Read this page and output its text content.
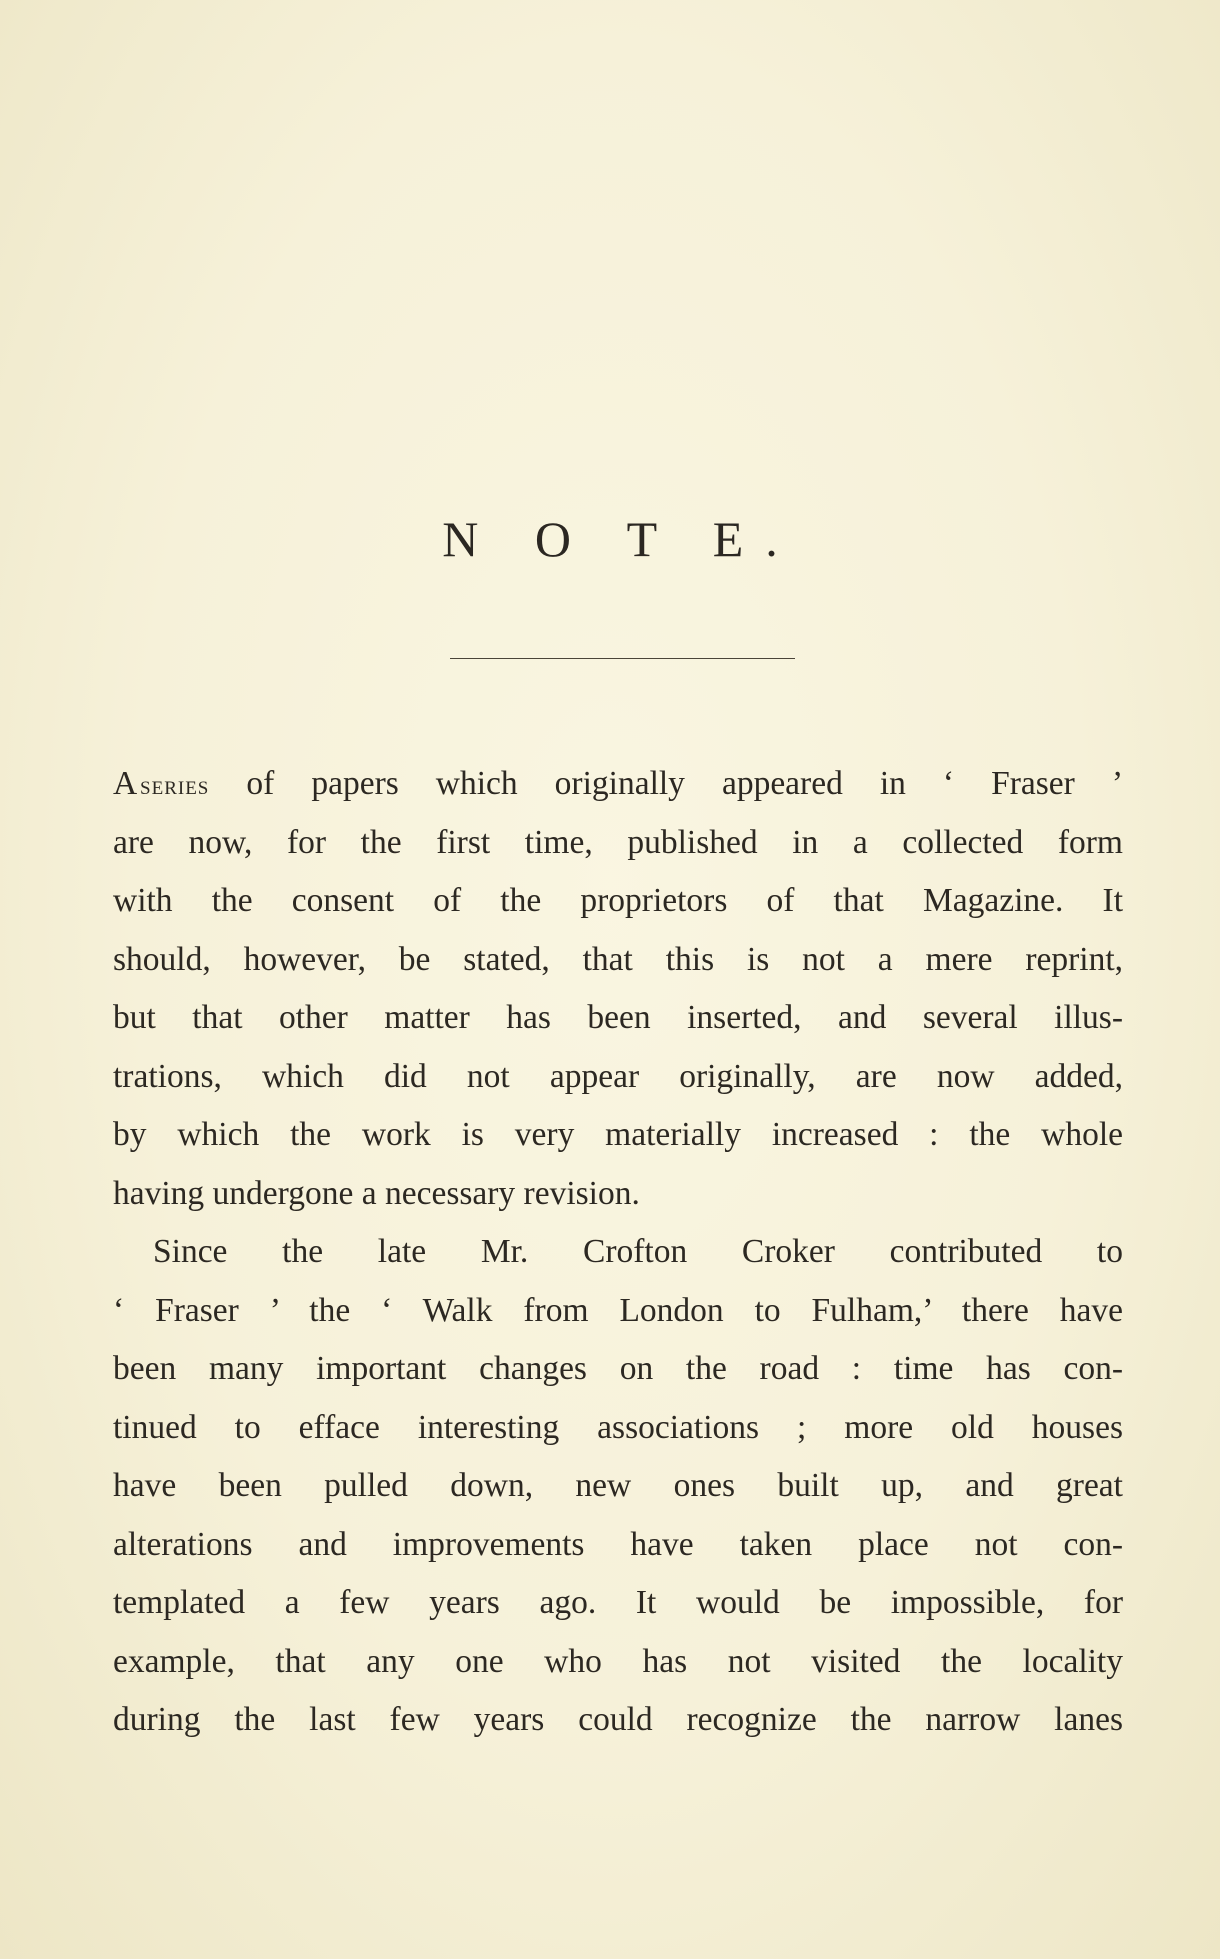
N O T E.
A  series of papers which originally appeared in ‘ Fraser ’
are now, for the first time, published in a collected form
with the consent of the proprietors of that Magazine. It
should, however, be stated, that this is not a mere reprint,
but that other matter has been inserted, and several illus-
trations, which did not appear originally, are now added,
by which the work is very materially increased : the whole
having undergone a necessary revision.
Since the late Mr. Crofton Croker contributed to
‘ Fraser ’ the ‘ Walk from London to Fulham,’ there have
been many important changes on the road : time has con-
tinued to efface interesting associations ; more old houses
have been pulled down, new ones built up, and great
alterations and improvements have taken place not con-
templated a few years ago. It would be impossible, for
example, that any one who has not visited the locality
during the last few years could recognize the narrow lanes
